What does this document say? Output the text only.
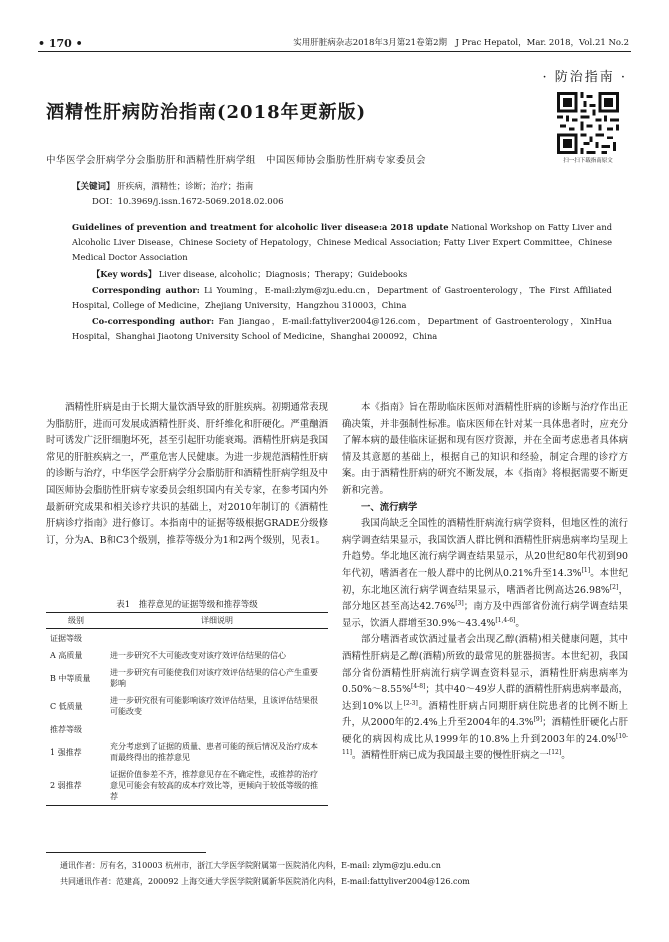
• 170 •	实用肝脏病杂志2018年3月第21卷第2期　J Prac Hepatol，Mar. 2018，Vol.21 No.2
· 防治指南 ·
扫一扫下载指南原文
酒精性肝病防治指南(2018年更新版)
中华医学会肝病学分会脂肪肝和酒精性肝病学组　中国医师协会脂肪性肝病专家委员会
【关键词】 肝疾病，酒精性；诊断；治疗；指南
DOI：10.3969/j.issn.1672-5069.2018.02.006
Guidelines of prevention and treatment for alcoholic liver disease:a 2018 update National Workshop on Fatty Liver and Alcoholic Liver Disease，Chinese Society of Hepatology，Chinese Medical Association; Fatty Liver Expert Committee，Chinese Medical Doctor Association

【Key words】 Liver disease, alcoholic；Diagnosis；Therapy；Guidebooks

Corresponding author: Li Youming，E-mail:zlym@zju.edu.cn，Department of Gastroenterology，The First Affiliated Hospital, College of Medicine，Zhejiang University，Hangzhou 310003，China

Co-corresponding author: Fan Jiangao，E-mail:fattyliver2004@126.com，Department of Gastroenterology，XinHua Hospital，Shanghai Jiaotong University School of Medicine，Shanghai 200092，China

酒精性肝病是由于长期大量饮酒导致的肝脏疾病。初期通常表现为脂肪肝，进而可发展成酒精性肝炎、肝纤维化和肝硬化。严重酗酒时可诱发广泛肝细胞坏死，甚至引起肝功能衰竭。酒精性肝病是我国常见的肝脏疾病之一，严重危害人民健康。为进一步规范酒精性肝病的诊断与治疗，中华医学会肝病学分会脂肪肝和酒精性肝病学组及中国医师协会脂肪性肝病专家委员会组织国内有关专家，在参考国内外最新研究成果和相关诊疗共识的基础上，对2010年制订的《酒精性肝病诊疗指南》进行修订。本指南中的证据等级根据GRADE分级修订，分为A、B和C3个级别，推荐等级分为1和2两个级别，见表1。

表1　推荐意见的证据等级和推荐等级
级别	详细说明
证据等级	
A 高质量	进一步研究不大可能改变对该疗效评估结果的信心
B 中等质量	进一步研究有可能使我们对该疗效评估结果的信心产生重要影响
C 低质量	进一步研究很有可能影响该疗效评估结果，且该评估结果很可能改变
推荐等级	
1 强推荐	充分考虑到了证据的质量、患者可能的预后情况及治疗成本而最终得出的推荐意见
2 弱推荐	证据价值参差不齐，推荐意见存在不确定性，或推荐的治疗意见可能会有较高的成本疗效比等，更倾向于较低等级的推荐

本《指南》旨在帮助临床医师对酒精性肝病的诊断与治疗作出正确决策，并非强制性标准。临床医师在针对某一具体患者时，应充分了解本病的最佳临床证据和现有医疗资源，并在全面考虑患者具体病情及其意愿的基础上，根据自己的知识和经验，制定合理的诊疗方案。由于酒精性肝病的研究不断发展，本《指南》将根据需要不断更新和完善。

一、流行病学

我国尚缺乏全国性的酒精性肝病流行病学资料，但地区性的流行病学调查结果显示，我国饮酒人群比例和酒精性肝病患病率均呈现上升趋势。华北地区流行病学调查结果显示，从20世纪80年代初到90年代初，嗜酒者在一般人群中的比例从0.21%升至14.3%[1]。本世纪初，东北地区流行病学调查结果显示，嗜酒者比例高达26.98%[2]，部分地区甚至高达42.76%[3]；南方及中西部省份流行病学调查结果显示，饮酒人群增至30.9%～43.4%[1,4-6]。

部分嗜酒者或饮酒过量者会出现乙醇(酒精)相关健康问题，其中酒精性肝病是乙醇(酒精)所致的最常见的脏器损害。本世纪初，我国部分省份酒精性肝病流行病学调查资料显示，酒精性肝病患病率为0.50%～8.55%[4-8]；其中40～49岁人群的酒精性肝病患病率最高，达到10%以上[2-3]。酒精性肝病占同期肝病住院患者的比例不断上升，从2000年的2.4%上升至2004年的4.3%[9]；酒精性肝硬化占肝硬化的病因构成比从1999年的10.8%上升到2003年的24.0%[10-11]。酒精性肝病已成为我国最主要的慢性肝病之一[12]。

通讯作者：厉有名，310003 杭州市，浙江大学医学院附属第一医院消化内科，E-mail: zlym@zju.edu.cn
共同通讯作者：范建高，200092 上海交通大学医学院附属新华医院消化内科，E-mail:fattyliver2004@126.com
